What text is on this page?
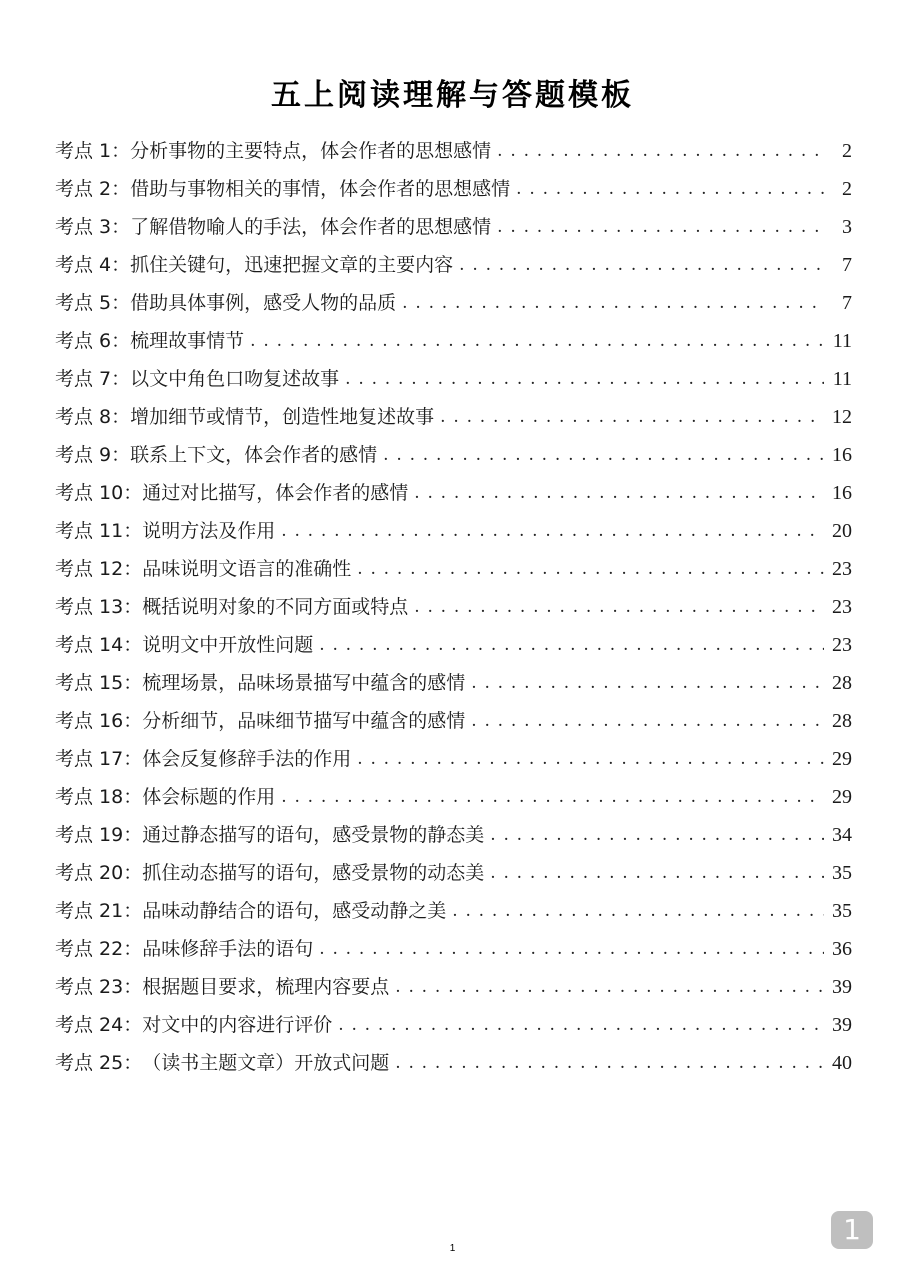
五上阅读理解与答题模板
考点 1： 分析事物的主要特点，体会作者的思想感情 . . .	2
考点 2： 借助与事物相关的事情，体会作者的思想感情 . . .	2
考点 3： 了解借物喻人的手法，体会作者的思想感情 . . .	3
考点 4： 抓住关键句，迅速把握文章的主要内容 . . .	7
考点 5： 借助具体事例，感受人物的品质 . . .	7
考点 6： 梳理故事情节 . . .	11
考点 7： 以文中角色口吻复述故事 . . .	11
考点 8： 增加细节或情节，创造性地复述故事 . . .	12
考点 9： 联系上下文，体会作者的感情 . . .	16
考点 10： 通过对比描写，体会作者的感情 . . .	16
考点 11： 说明方法及作用 . . .	20
考点 12： 品味说明文语言的准确性 . . .	23
考点 13： 概括说明对象的不同方面或特点 . . .	23
考点 14： 说明文中开放性问题 . . .	23
考点 15： 梳理场景，品味场景描写中蕴含的感情 . . .	28
考点 16： 分析细节，品味细节描写中蕴含的感情 . . .	28
考点 17： 体会反复修辞手法的作用 . . .	29
考点 18： 体会标题的作用 . . .	29
考点 19： 通过静态描写的语句，感受景物的静态美 . . .	34
考点 20： 抓住动态描写的语句，感受景物的动态美 . . .	35
考点 21： 品味动静结合的语句，感受动静之美 . . .	35
考点 22： 品味修辞手法的语句 . . .	36
考点 23： 根据题目要求，梳理内容要点 . . .	39
考点 24： 对文中的内容进行评价 . . .	39
考点 25： （读书主题文章）开放式问题 . . .	40
1
1
